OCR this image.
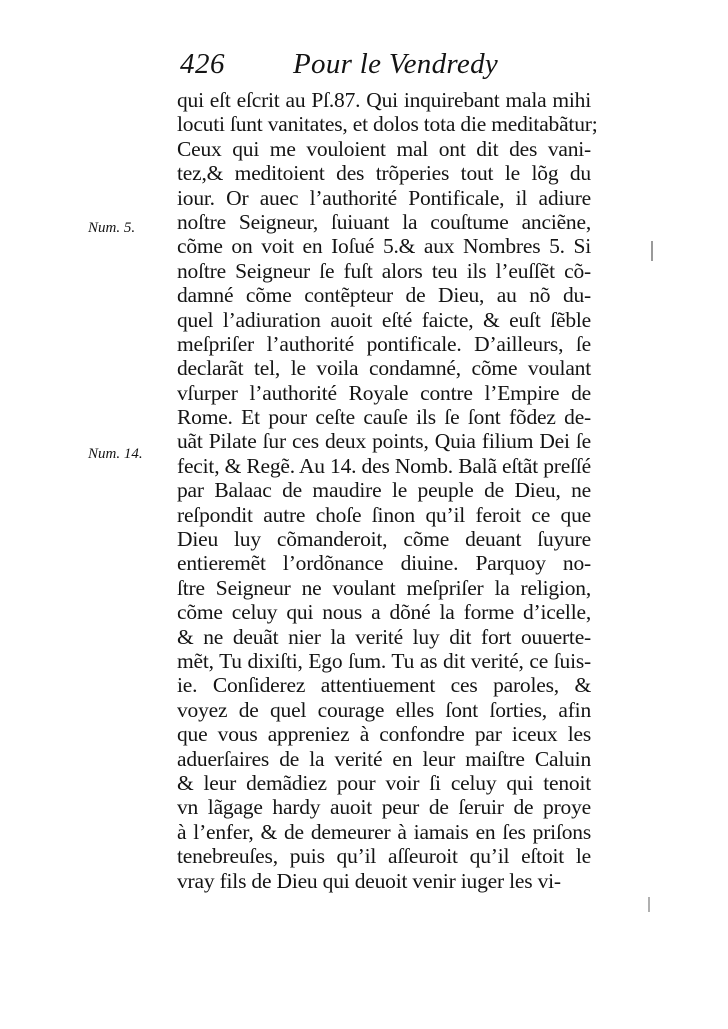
426 Pour le Vendredy
Num. 5.
Num. 14.
qui eſt eſcrit au Pſ.87. Qui inquirebant mala mihi
locuti ſunt vanitates, et dolos tota die meditabãtur;
Ceux qui me vouloient mal ont dit des vani-
tez,& meditoient des trõperies tout le lõg du
iour. Or auec l’authorité Pontificale, il adiure
noſtre Seigneur, ſuiuant la couſtume anciẽne,
cõme on voit en Ioſué 5.& aux Nombres 5. Si
noſtre Seigneur ſe fuſt alors teu ils l’euſſẽt cõ-
damné cõme contẽpteur de Dieu, au nõ du-
quel l’adiuration auoit eſté faicte, & euſt ſẽble
meſpriſer l’authorité pontificale. D’ailleurs, ſe
declarãt tel, le voila condamné, cõme voulant
vſurper l’authorité Royale contre l’Empire de
Rome. Et pour ceſte cauſe ils ſe ſont fõdez de-
uãt Pilate ſur ces deux points, Quia filium Dei ſe
fecit, & Regẽ. Au 14. des Nomb. Balã eſtãt preſſé
par Balaac de maudire le peuple de Dieu, ne
reſpondit autre choſe ſinon qu’il feroit ce que
Dieu luy cõmanderoit, cõme deuant ſuyure
entieremẽt l’ordõnance diuine. Parquoy no-
ſtre Seigneur ne voulant meſpriſer la religion,
cõme celuy qui nous a dõné la forme d’icelle,
& ne deuãt nier la verité luy dit fort ouuerte-
mẽt, Tu dixiſti, Ego ſum. Tu as dit verité, ce ſuis-
ie. Conſiderez attentiuement ces paroles, &
voyez de quel courage elles ſont ſorties, afin
que vous appreniez à confondre par iceux les
aduerſaires de la verité en leur maiſtre Caluin
& leur demãdiez pour voir ſi celuy qui tenoit
vn lãgage hardy auoit peur de ſeruir de proye
à l’enfer, & de demeurer à iamais en ſes priſons
tenebreuſes, puis qu’il aſſeuroit qu’il eſtoit le
vray fils de Dieu qui deuoit venir iuger les vi-
